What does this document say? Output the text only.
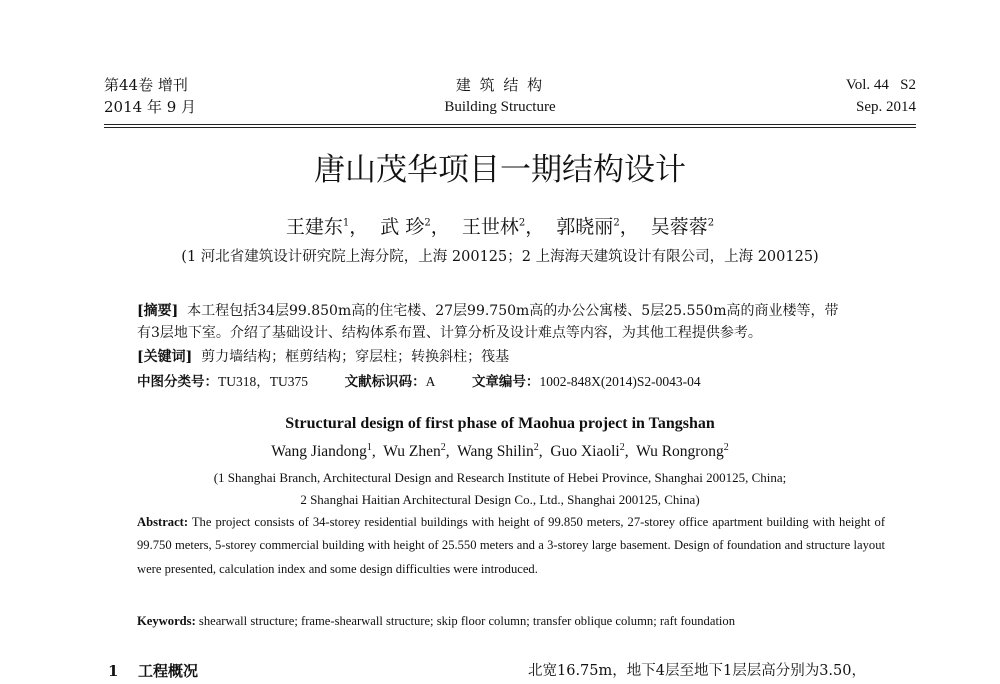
第44卷 增刊
2014 年 9 月
建 筑 结 构
Building Structure
Vol. 44   S2
Sep. 2014
唐山茂华项目一期结构设计
王建东$^1$，  武 珍$^2$，  王世林$^2$，  郭晓丽$^2$，  吴蓉蓉$^2$
(1 河北省建筑设计研究院上海分院，上海 200125；2 上海海天建筑设计有限公司，上海 200125)
[摘要] 本工程包括34层99.850m高的住宅楼、27层99.750m高的办公公寓楼、5层25.550m高的商业楼等，带
有3层地下室。介绍了基础设计、结构体系布置、计算分析及设计难点等内容，为其他工程提供参考。
[关键词] 剪力墙结构；框剪结构；穿层柱；转换斜柱；筏基
中图分类号：TU318，TU375	文献标识码：A	文章编号：1002-848X(2014)S2-0043-04
Structural design of first phase of Maohua project in Tangshan
Wang Jiandong$^1$,  Wu Zhen$^2$,  Wang Shilin$^2$,  Guo Xiaoli$^2$,  Wu Rongrong$^2$
(1 Shanghai Branch, Architectural Design and Research Institute of Hebei Province, Shanghai 200125, China;
2 Shanghai Haitian Architectural Design Co., Ltd., Shanghai 200125, China)

Abstract: The project consists of 34-storey residential buildings with height of 99.850 meters, 27-storey office apartment building with height of 99.750 meters, 5-storey commercial building with height of 25.550 meters and a 3-storey large basement. Design of foundation and structure layout were presented, calculation index and some design difficulties were introduced.

Keywords: shearwall structure; frame-shearwall structure; skip floor column; transfer oblique column; raft foundation
1 工程概况	北宽16.75m，地下4层至地下1层层高分别为3.50，
